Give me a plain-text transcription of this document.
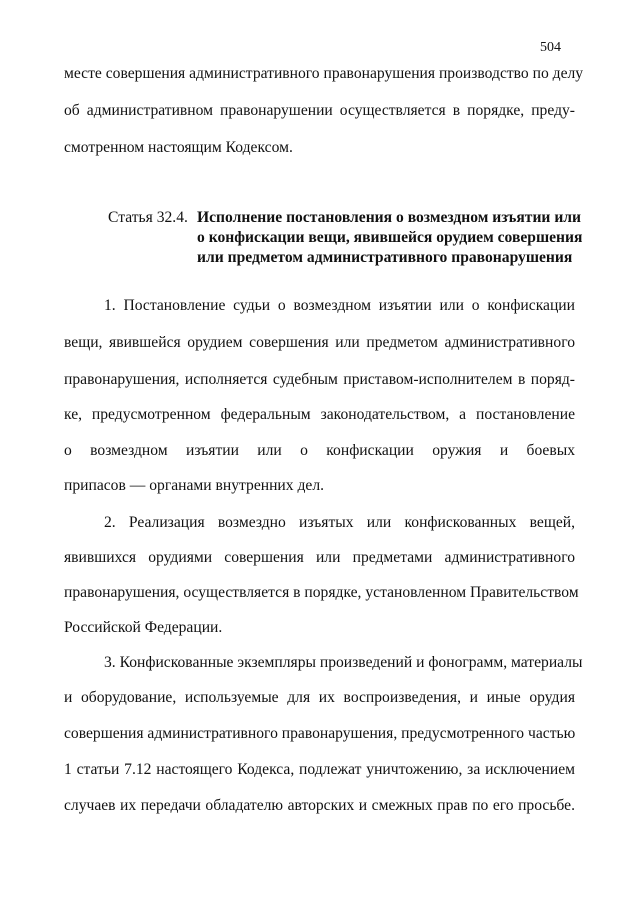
504
месте совершения административного правонарушения производство по делу
об административном правонарушении осуществляется в порядке, преду-
смотренном настоящим Кодексом.
Статья 32.4. Исполнение постановления о возмездном изъятии или
о конфискации вещи, явившейся орудием совершения
или предметом административного правонарушения
1. Постановление судьи о возмездном изъятии или о конфискации
вещи, явившейся орудием совершения или предметом административного
правонарушения, исполняется судебным приставом-исполнителем в поряд-
ке, предусмотренном федеральным законодательством, а постановление
о возмездном изъятии или о конфискации оружия и боевых
припасов — органами внутренних дел.
2. Реализация возмездно изъятых или конфискованных вещей,
явившихся орудиями совершения или предметами административного
правонарушения, осуществляется в порядке, установленном Правительством
Российской Федерации.
3. Конфискованные экземпляры произведений и фонограмм, материалы
и оборудование, используемые для их воспроизведения, и иные орудия
совершения административного правонарушения, предусмотренного частью
1 статьи 7.12 настоящего Кодекса, подлежат уничтожению, за исключением
случаев их передачи обладателю авторских и смежных прав по его просьбе.
